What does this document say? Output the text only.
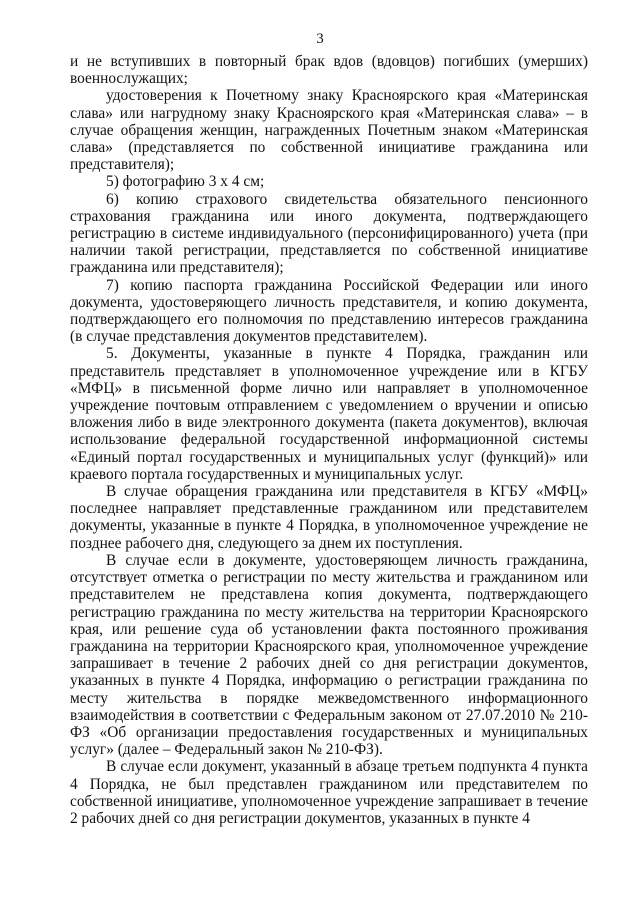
3

и не вступивших в повторный брак вдов (вдовцов) погибших (умерших) военнослужащих;

удостоверения к Почетному знаку Красноярского края «Материнская слава» или нагрудному знаку Красноярского края «Материнская слава» – в случае обращения женщин, награжденных Почетным знаком «Материнская слава» (представляется по собственной инициативе гражданина или представителя);

5) фотографию 3 х 4 см;

6) копию страхового свидетельства обязательного пенсионного страхования гражданина или иного документа, подтверждающего регистрацию в системе индивидуального (персонифицированного) учета (при наличии такой регистрации, представляется по собственной инициативе гражданина или представителя);

7) копию паспорта гражданина Российской Федерации или иного документа, удостоверяющего личность представителя, и копию документа, подтверждающего его полномочия по представлению интересов гражданина (в случае представления документов представителем).

5. Документы, указанные в пункте 4 Порядка, гражданин или представитель представляет в уполномоченное учреждение или в КГБУ «МФЦ» в письменной форме лично или направляет в уполномоченное учреждение почтовым отправлением с уведомлением о вручении и описью вложения либо в виде электронного документа (пакета документов), включая использование федеральной государственной информационной системы «Единый портал государственных и муниципальных услуг (функций)» или краевого портала государственных и муниципальных услуг.

В случае обращения гражданина или представителя в КГБУ «МФЦ» последнее направляет представленные гражданином или представителем документы, указанные в пункте 4 Порядка, в уполномоченное учреждение не позднее рабочего дня, следующего за днем их поступления.

В случае если в документе, удостоверяющем личность гражданина, отсутствует отметка о регистрации по месту жительства и гражданином или представителем не представлена копия документа, подтверждающего регистрацию гражданина по месту жительства на территории Красноярского края, или решение суда об установлении факта постоянного проживания гражданина на территории Красноярского края, уполномоченное учреждение запрашивает в течение 2 рабочих дней со дня регистрации документов, указанных в пункте 4 Порядка, информацию о регистрации гражданина по месту жительства в порядке межведомственного информационного взаимодействия в соответствии с Федеральным законом от 27.07.2010 № 210-ФЗ «Об организации предоставления государственных и муниципальных услуг» (далее – Федеральный закон № 210-ФЗ).

В случае если документ, указанный в абзаце третьем подпункта 4 пункта 4 Порядка, не был представлен гражданином или представителем по собственной инициативе, уполномоченное учреждение запрашивает в течение 2 рабочих дней со дня регистрации документов, указанных в пункте 4
